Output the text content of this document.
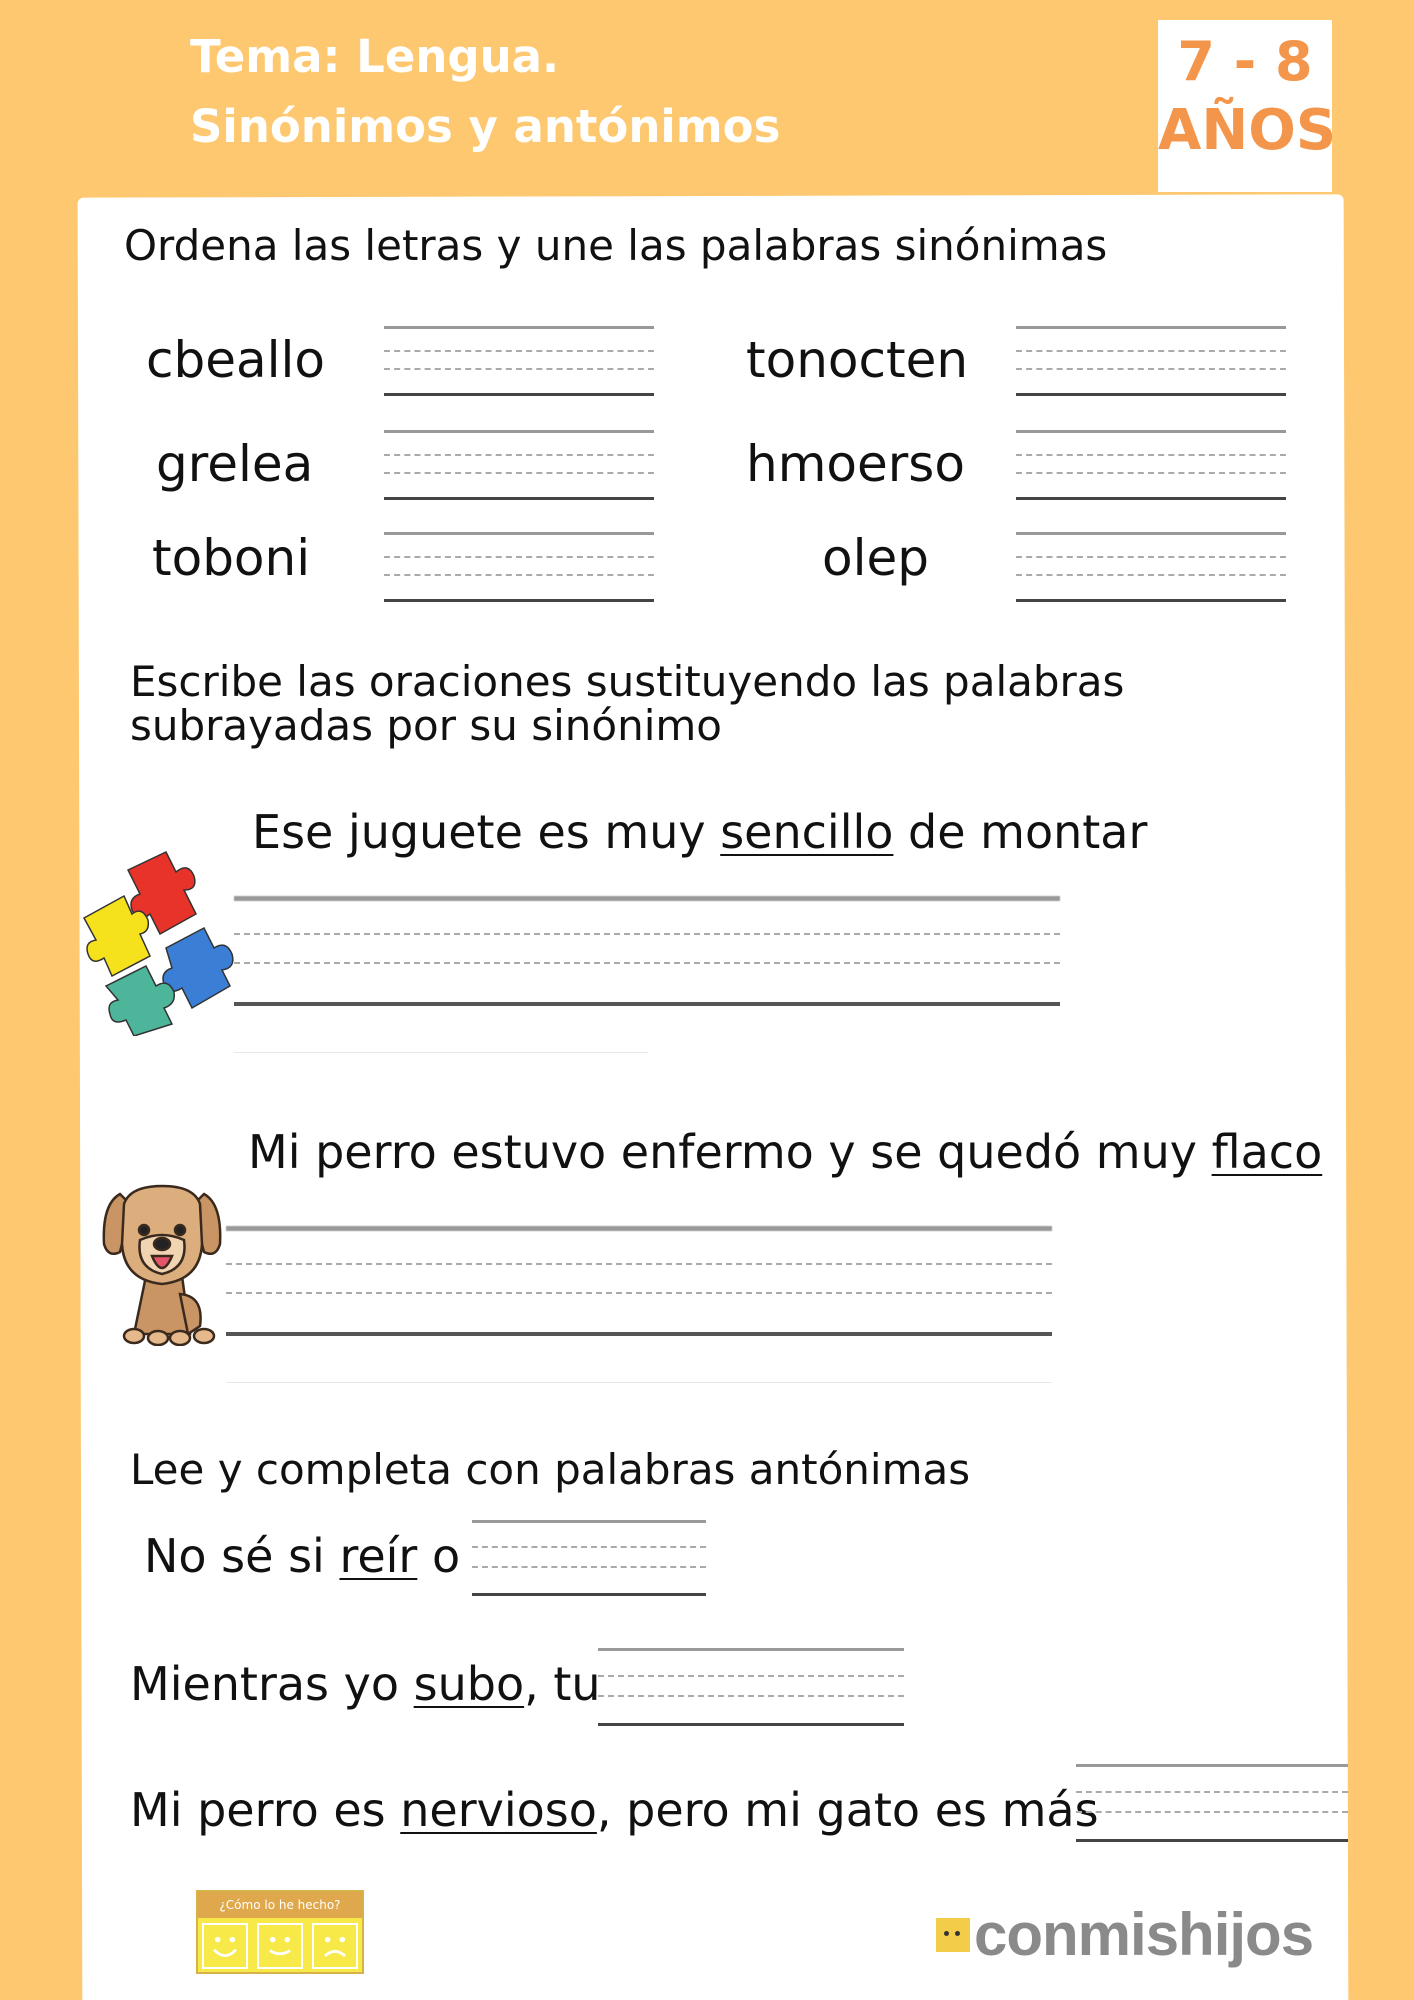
Tema: Lengua.
Sinónimos y antónimos
7 - 8
AÑOS
Ordena las letras y une las palabras sinónimas
cbeallo
grelea
toboni
tonocten
hmoerso
olep
Escribe las oraciones sustituyendo las palabras
subrayadas por su sinónimo
Ese juguete es muy sencillo de montar
Mi perro estuvo enfermo y se quedó muy flaco
Lee y completa con palabras antónimas
No sé si reír o
Mientras yo subo, tu
Mi perro es nervioso, pero mi gato es más
¿Cómo lo he hecho?	conmishijos
